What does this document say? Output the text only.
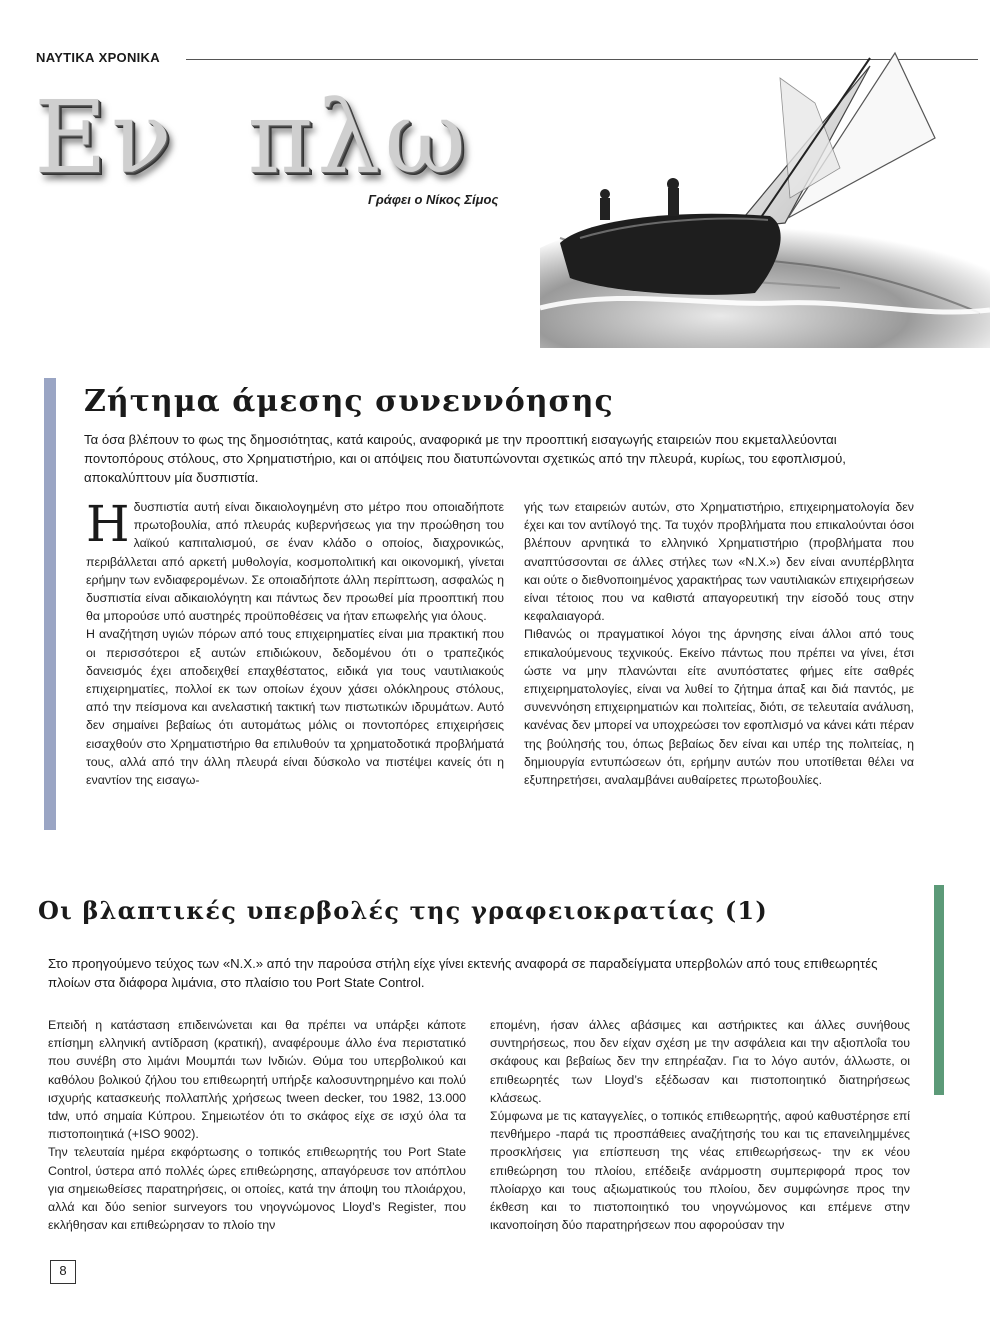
ΝΑΥΤΙΚΑ ΧΡΟΝΙΚΑ
Εν  πλω
Γράφει ο Νίκος Σίμος
Ζήτημα άμεσης συνεννόησης
Τα όσα βλέπουν το φως της δημοσιότητας, κατά καιρούς, αναφορικά με την προοπτική εισαγωγής εταιρειών που εκμεταλλεύονται ποντοπόρους στόλους, στο Χρηματιστήριο, και οι απόψεις που διατυπώνονται σχετικώς από την πλευρά, κυρίως, του εφοπλισμού, αποκαλύπτουν μία δυσπιστία.

Ηδυσπιστία αυτή είναι δικαιολογημένη στο μέτρο που οποιαδήποτε πρωτοβουλία, από πλευράς κυβερνήσεως για την προώθηση του λαϊκού καπιταλισμού, σε έναν κλάδο ο οποίος, διαχρονικώς, περιβάλλεται από αρκετή μυθολογία, κοσμοπολιτική και οικονομική, γίνεται ερήμην των ενδιαφερομένων. Σε οποιαδήποτε άλλη περίπτωση, ασφαλώς η δυσπιστία είναι αδικαιολόγητη και πάντως δεν προωθεί μία προοπτική που θα μπορούσε υπό αυστηρές προϋποθέσεις να ήταν επωφελής για όλους.

Η αναζήτηση υγιών πόρων από τους επιχειρηματίες είναι μια πρακτική που οι περισσότεροι εξ αυτών επιδιώκουν, δεδομένου ότι ο τραπεζικός δανεισμός έχει αποδειχθεί επαχθέστατος, ειδικά για τους ναυτιλιακούς επιχειρηματίες, πολλοί εκ των οποίων έχουν χάσει ολόκληρους στόλους, από την πείσμονα και ανελαστική τακτική των πιστωτικών ιδρυμάτων. Αυτό δεν σημαίνει βεβαίως ότι αυτομάτως μόλις οι ποντοπόρες επιχειρήσεις εισαχθούν στο Χρηματιστήριο θα επιλυθούν τα χρηματοδοτικά προβλήματά τους, αλλά από την άλλη πλευρά είναι δύσκολο να πιστέψει κανείς ότι η εναντίον της εισαγω-

γής των εταιρειών αυτών, στο Χρηματιστήριο, επιχειρηματολογία δεν έχει και τον αντίλογό της. Τα τυχόν προβλήματα που επικαλούνται όσοι βλέπουν αρνητικά το ελληνικό Χρηματιστήριο (προβλήματα που αναπτύσσονται σε άλλες στήλες των «Ν.Χ.») δεν είναι ανυπέρβλητα και ούτε ο διεθνοποιημένος χαρακτήρας των ναυτιλιακών επιχειρήσεων είναι τέτοιος που να καθιστά απαγορευτική την είσοδό τους στην κεφαλαιαγορά.

Πιθανώς οι πραγματικοί λόγοι της άρνησης είναι άλλοι από τους επικαλούμενους τεχνικούς. Εκείνο πάντως που πρέπει να γίνει, έτσι ώστε να μην πλανώνται είτε ανυπόστατες φήμες είτε σαθρές επιχειρηματολογίες, είναι να λυθεί το ζήτημα άπαξ και διά παντός, με συνεννόηση επιχειρηματιών και πολιτείας, διότι, σε τελευταία ανάλυση, κανένας δεν μπορεί να υποχρεώσει τον εφοπλισμό να κάνει κάτι πέραν της βούλησής του, όπως βεβαίως δεν είναι και υπέρ της πολιτείας, η δημιουργία εντυπώσεων ότι, ερήμην αυτών που υποτίθεται θέλει να εξυπηρετήσει, αναλαμβάνει αυθαίρετες πρωτοβουλίες.

Οι βλαπτικές υπερβολές της γραφειοκρατίας (1)
Στο προηγούμενο τεύχος των «Ν.Χ.» από την παρούσα στήλη είχε γίνει εκτενής αναφορά σε παραδείγματα υπερβολών από τους επιθεωρητές πλοίων στα διάφορα λιμάνια, στο πλαίσιο του Port State Control.

Επειδή η κατάσταση επιδεινώνεται και θα πρέπει να υπάρξει κάποτε επίσημη ελληνική αντίδραση (κρατική), αναφέρουμε άλλο ένα περιστατικό που συνέβη στο λιμάνι Μουμπάι των Ινδιών. Θύμα του υπερβολικού και καθόλου βολικού ζήλου του επιθεωρητή υπήρξε καλοσυντηρημένο και πολύ ισχυρής κατασκευής πολλαπλής χρήσεως tween decker, του 1982, 13.000 tdw, υπό σημαία Κύπρου. Σημειωτέον ότι το σκάφος είχε σε ισχύ όλα τα πιστοποιητικά (+ISO 9002).

Την τελευταία ημέρα εκφόρτωσης ο τοπικός επιθεωρητής του Port State Control, ύστερα από πολλές ώρες επιθεώρησης, απαγόρευσε τον απόπλου για σημειωθείσες παρατηρήσεις, οι οποίες, κατά την άποψη του πλοιάρχου, αλλά και δύο senior surveyors του νηογνώμονος Lloyd’s Register, που εκλήθησαν και επιθεώρησαν το πλοίο την

επομένη, ήσαν άλλες αβάσιμες και αστήρικτες και άλλες συνήθους συντηρήσεως, που δεν είχαν σχέση με την ασφάλεια και την αξιοπλοΐα του σκάφους και βεβαίως δεν την επηρέαζαν. Για το λόγο αυτόν, άλλωστε, οι επιθεωρητές των Lloyd’s εξέδωσαν και πιστοποιητικό διατηρήσεως κλάσεως.

Σύμφωνα με τις καταγγελίες, ο τοπικός επιθεωρητής, αφού καθυστέρησε επί πενθήμερο -παρά τις προσπάθειες αναζήτησής του και τις επανειλημμένες προσκλήσεις για επίσπευση της νέας επιθεωρήσεως- την εκ νέου επιθεώρηση του πλοίου, επέδειξε ανάρμοστη συμπεριφορά προς τον πλοίαρχο και τους αξιωματικούς του πλοίου, δεν συμφώνησε προς την έκθεση και το πιστοποιητικό του νηογνώμονος και επέμενε στην ικανοποίηση δύο παρατηρήσεων που αφορούσαν την

8
